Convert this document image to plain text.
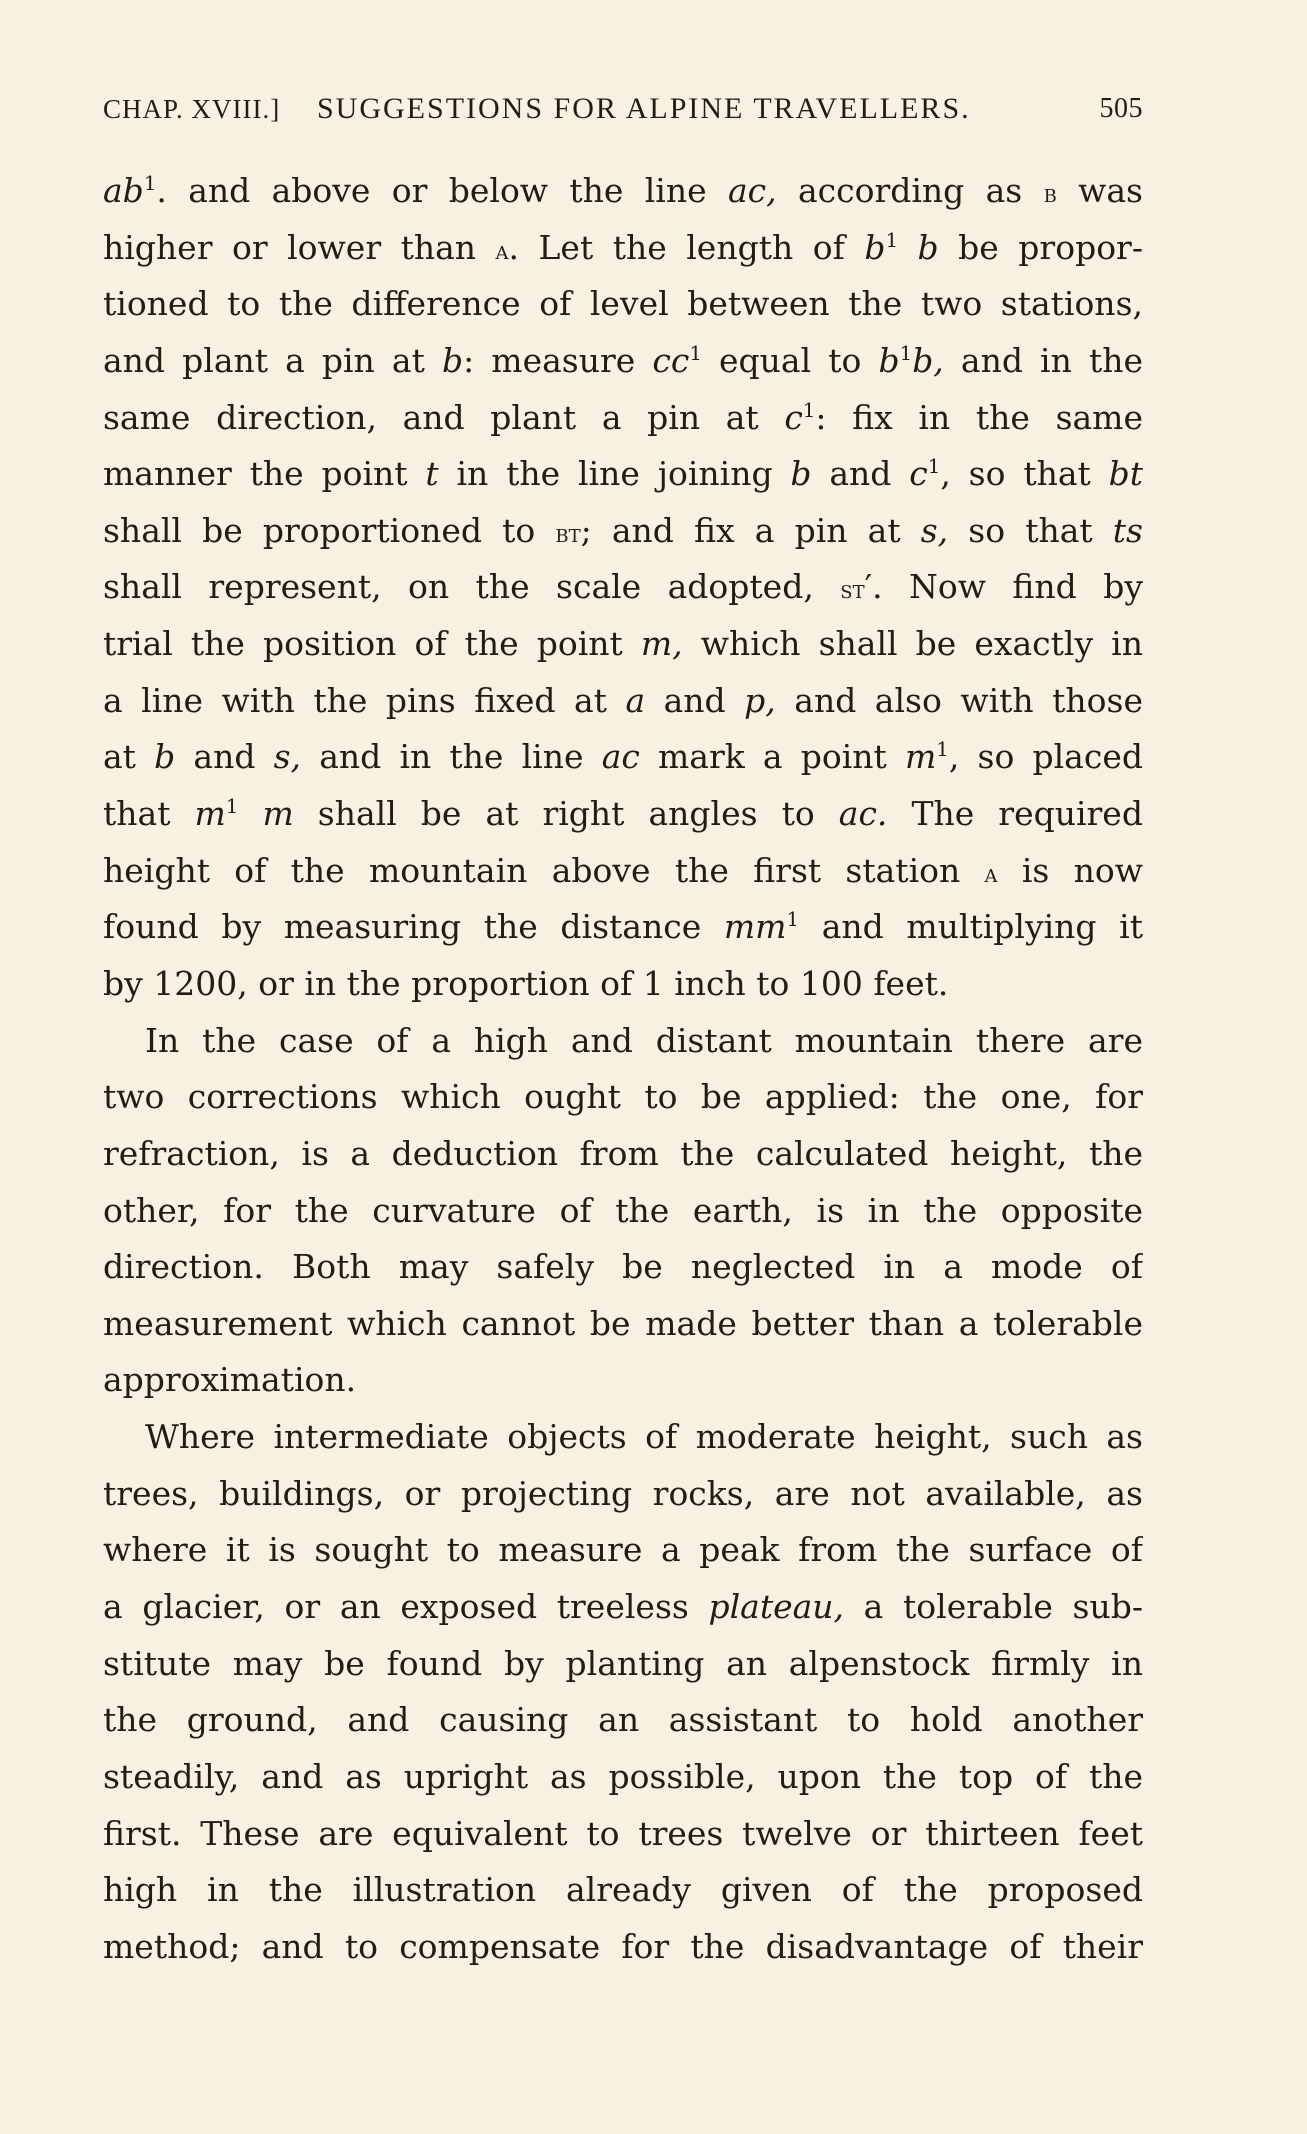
CHAP. XVIII.] SUGGESTIONS FOR ALPINE TRAVELLERS.	505
$ab^1$. and above or below the line ac, according as b was
higher or lower than a. Let the length of $b^1$ b be propor-
tioned to the difference of level between the two stations,
and plant a pin at b: measure $cc^1$ equal to $b^1b$, and in the
same direction, and plant a pin at $c^1$: fix in the same
manner the point t in the line joining b and $c^1$, so that bt
shall be proportioned to bt; and fix a pin at s, so that ts
shall represent, on the scale adopted, st′. Now find by
trial the position of the point m, which shall be exactly in
a line with the pins fixed at a and p, and also with those
at b and s, and in the line ac mark a point $m^1$, so placed
that $m^1$ m shall be at right angles to ac. The required
height of the mountain above the first station a is now
found by measuring the distance $mm^1$ and multiplying it
by 1200, or in the proportion of 1 inch to 100 feet.
In the case of a high and distant mountain there are
two corrections which ought to be applied: the one, for
refraction, is a deduction from the calculated height, the
other, for the curvature of the earth, is in the opposite
direction. Both may safely be neglected in a mode of
measurement which cannot be made better than a tolerable
approximation.
Where intermediate objects of moderate height, such as
trees, buildings, or projecting rocks, are not available, as
where it is sought to measure a peak from the surface of
a glacier, or an exposed treeless plateau, a tolerable sub-
stitute may be found by planting an alpenstock firmly in
the ground, and causing an assistant to hold another
steadily, and as upright as possible, upon the top of the
first. These are equivalent to trees twelve or thirteen feet
high in the illustration already given of the proposed
method; and to compensate for the disadvantage of their
